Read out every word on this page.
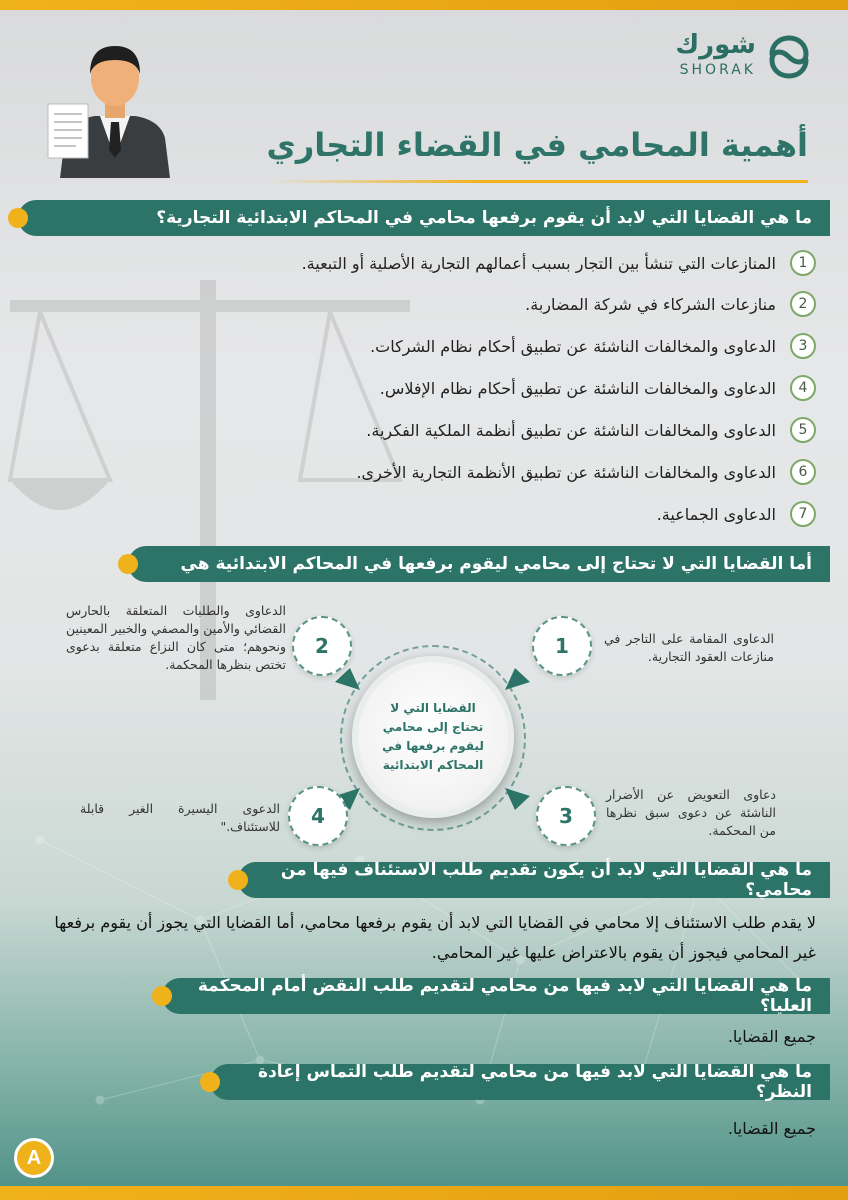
شورك
SHORAK
أهمية المحامي في القضاء التجاري
ما هي القضايا التي لابد أن يقوم برفعها محامي في المحاكم الابتدائية التجارية؟
1
المنازعات التي تنشأ بين التجار بسبب أعمالهم التجارية الأصلية أو التبعية.
2
منازعات الشركاء في شركة المضاربة.
3
الدعاوى والمخالفات الناشئة عن تطبيق أحكام نظام الشركات.
4
الدعاوى والمخالفات الناشئة عن تطبيق أحكام نظام الإفلاس.
5
الدعاوى والمخالفات الناشئة عن تطبيق أنظمة الملكية الفكرية.
6
الدعاوى والمخالفات الناشئة عن تطبيق الأنظمة التجارية الأخرى.
7
الدعاوى الجماعية.
أما القضايا التي لا تحتاج إلى محامي ليقوم برفعها في المحاكم الابتدائية هي
القضايا التي لا تحتاج إلى محامي ليقوم برفعها في المحاكم الابتدائية
1	الدعاوى المقامة على التاجر في منازعات العقود التجارية.
2
الدعاوى والطلبات المتعلقة بالحارس القضائي والأمين والمصفي والخبير المعينين ونحوهم؛ متى كان النزاع متعلقة بدعوى تختص بنظرها المحكمة.
3
دعاوى التعويض عن الأضرار الناشئة عن دعوى سبق نظرها من المحكمة.
4
الدعوى اليسيرة الغير قابلة للاستئناف."
ما هي القضايا التي لابد أن يكون تقديم طلب الاستئناف فيها من محامي؟
لا يقدم طلب الاستئناف إلا محامي في القضايا التي لابد أن يقوم برفعها محامي، أما القضايا التي يجوز أن يقوم برفعها غير المحامي فيجوز أن يقوم بالاعتراض عليها غير المحامي.
ما هي القضايا التي لابد فيها من محامي لتقديم طلب النقض أمام المحكمة العليا؟
جميع القضايا.
ما هي القضايا التي لابد فيها من محامي لتقديم طلب التماس إعادة النظر؟
جميع القضايا.
A
